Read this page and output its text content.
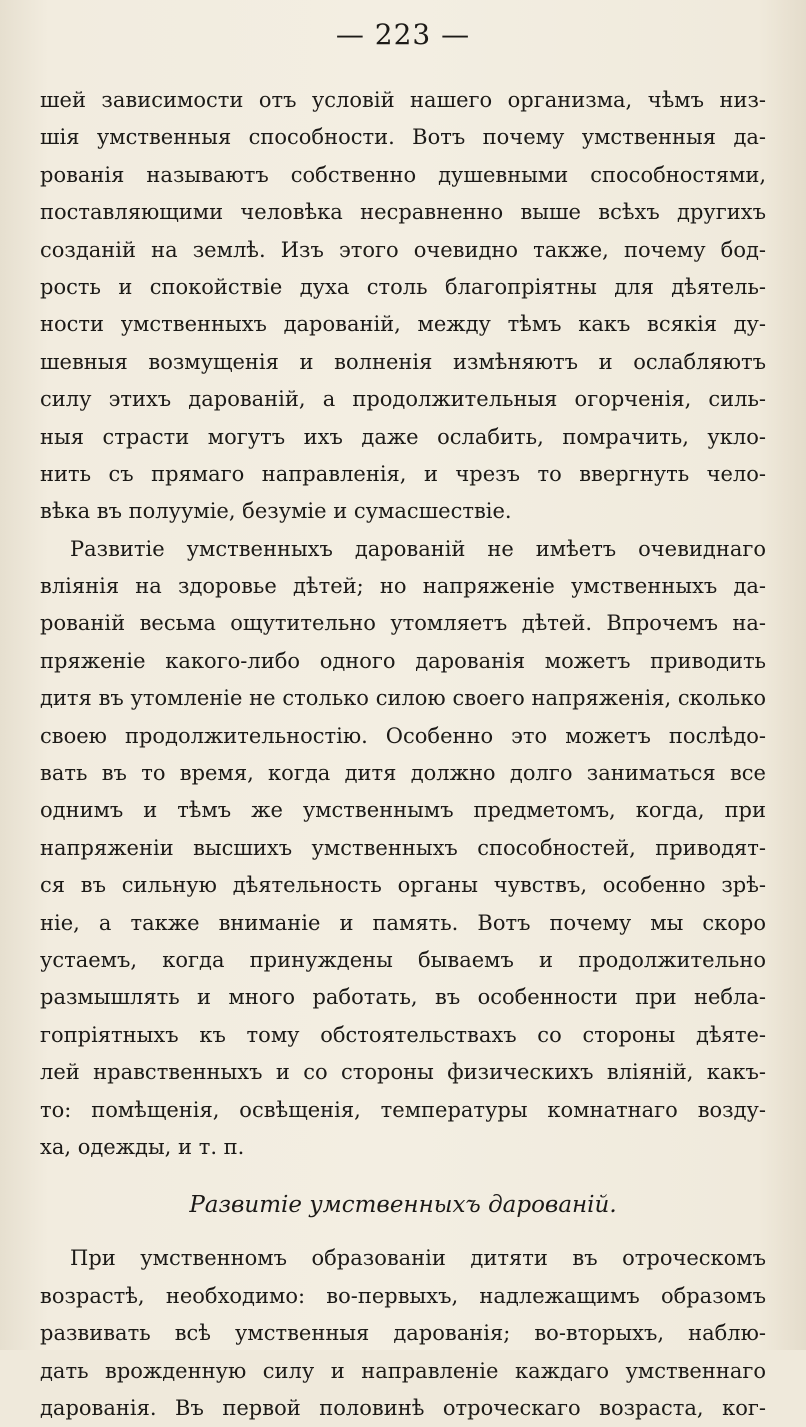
— 223 —
шей зависимости отъ условій нашего организма, чѣмъ низ-
шія умственныя способности. Вотъ почему умственныя да-
рованія называютъ собственно душевными способностями,
поставляющими человѣка несравненно выше всѣхъ другихъ
созданій на землѣ. Изъ этого очевидно также, почему бод-
рость и спокойствіе духа столь благопріятны для дѣятель-
ности умственныхъ дарованій, между тѣмъ какъ всякія ду-
шевныя возмущенія и волненія измѣняютъ и ослабляютъ
силу этихъ дарованій, а продолжительныя огорченія, силь-
ныя страсти могутъ ихъ даже ослабить, помрачить, укло-
нить съ прямаго направленія, и чрезъ то ввергнуть чело-
вѣка въ полууміе, безуміе и сумасшествіе.
Развитіе умственныхъ дарованій не имѣетъ очевиднаго
вліянія на здоровье дѣтей; но напряженіе умственныхъ да-
рованій весьма ощутительно утомляетъ дѣтей. Впрочемъ на-
пряженіе какого-либо одного дарованія можетъ приводить
дитя въ утомленіе не столько силою своего напряженія, сколько
своею продолжительностію. Особенно это можетъ послѣдо-
вать въ то время, когда дитя должно долго заниматься все
однимъ и тѣмъ же умственнымъ предметомъ, когда, при
напряженіи высшихъ умственныхъ способностей, приводят-
ся въ сильную дѣятельность органы чувствъ, особенно зрѣ-
ніе, а также вниманіе и память. Вотъ почему мы скоро
устаемъ, когда принуждены бываемъ и продолжительно
размышлять и много работать, въ особенности при небла-
гопріятныхъ къ тому обстоятельствахъ со стороны дѣяте-
лей нравственныхъ и со стороны физическихъ вліяній, какъ-
то: помѣщенія, освѣщенія, температуры комнатнаго возду-
ха, одежды, и т. п.
Развитіе умственныхъ дарованій.
При умственномъ образованіи дитяти въ отроческомъ
возрастѣ, необходимо: во-первыхъ, надлежащимъ образомъ
развивать всѣ умственныя дарованія; во-вторыхъ, наблю-
дать врожденную силу и направленіе каждаго умственнаго
дарованія. Въ первой половинѣ отроческаго возраста, ког-
